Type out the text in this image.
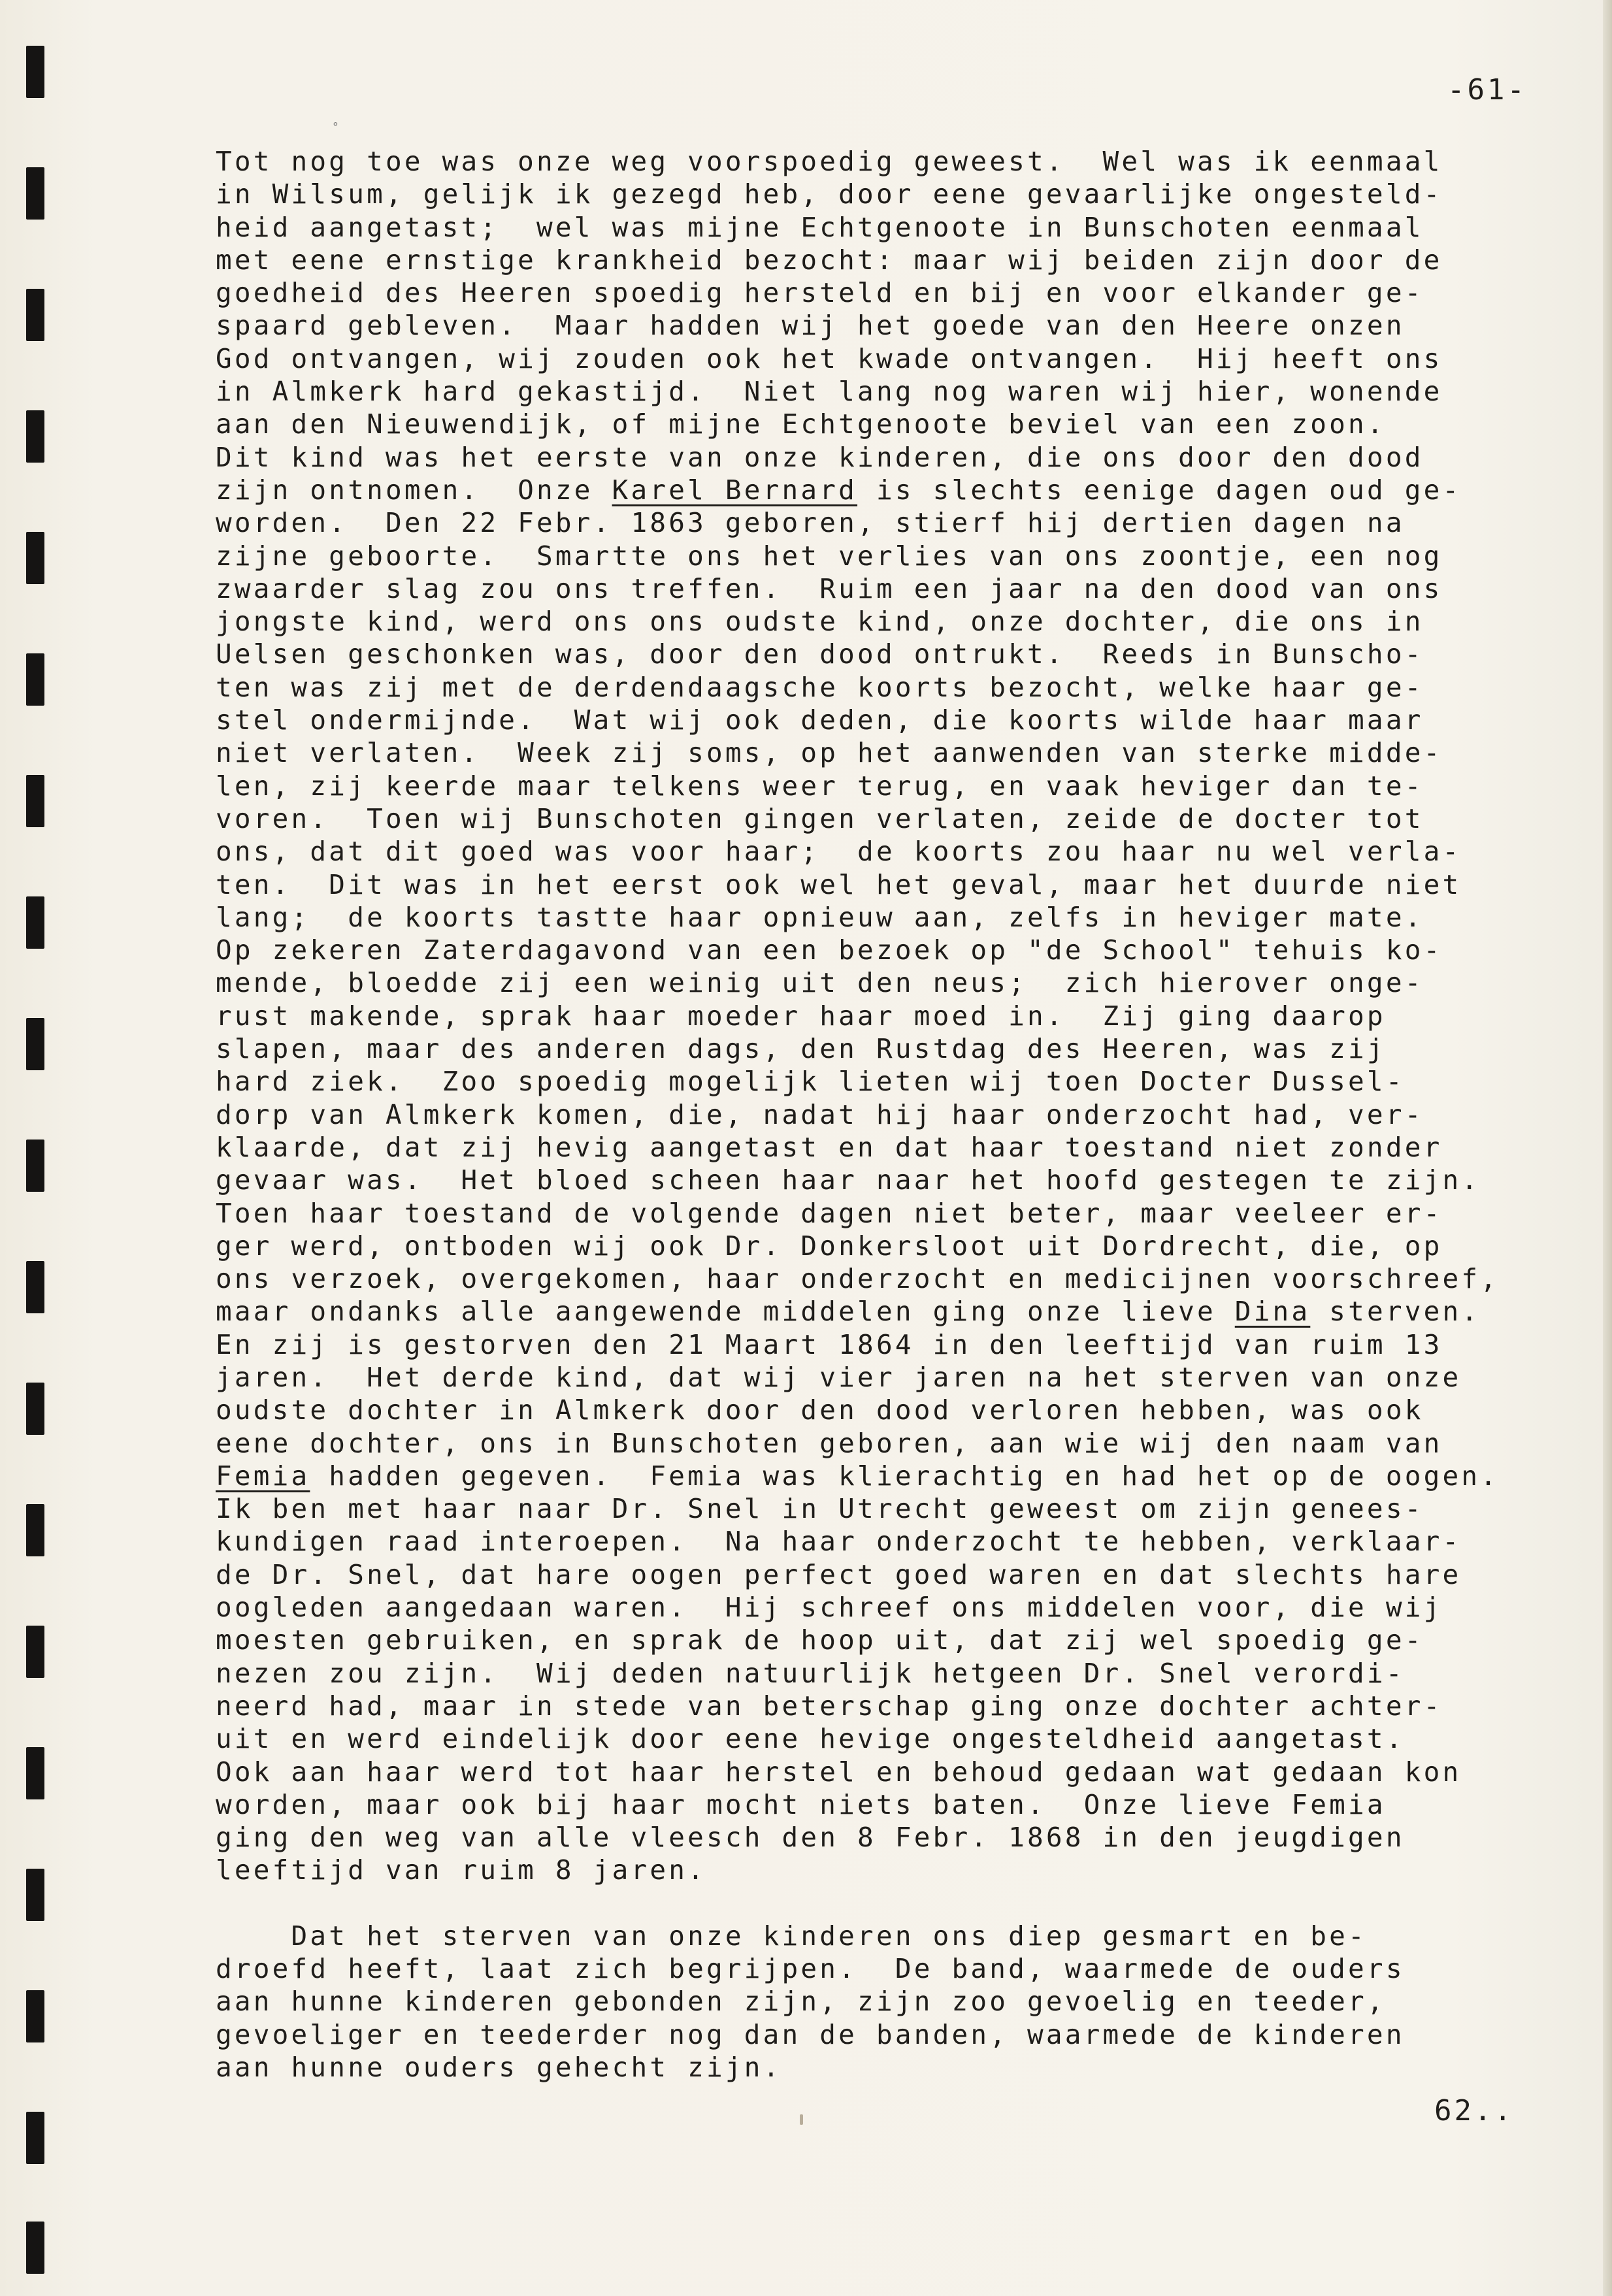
-61-
°
Tot nog toe was onze weg voorspoedig geweest.  Wel was ik eenmaal
in Wilsum, gelijk ik gezegd heb, door eene gevaarlijke ongesteld-
heid aangetast;  wel was mijne Echtgenoote in Bunschoten eenmaal
met eene ernstige krankheid bezocht: maar wij beiden zijn door de
goedheid des Heeren spoedig hersteld en bij en voor elkander ge-
spaard gebleven.  Maar hadden wij het goede van den Heere onzen
God ontvangen, wij zouden ook het kwade ontvangen.  Hij heeft ons
in Almkerk hard gekastijd.  Niet lang nog waren wij hier, wonende
aan den Nieuwendijk, of mijne Echtgenoote beviel van een zoon.
Dit kind was het eerste van onze kinderen, die ons door den dood
zijn ontnomen.  Onze Karel Bernard is slechts eenige dagen oud ge-
worden.  Den 22 Febr. 1863 geboren, stierf hij dertien dagen na
zijne geboorte.  Smartte ons het verlies van ons zoontje, een nog
zwaarder slag zou ons treffen.  Ruim een jaar na den dood van ons
jongste kind, werd ons ons oudste kind, onze dochter, die ons in
Uelsen geschonken was, door den dood ontrukt.  Reeds in Bunscho-
ten was zij met de derdendaagsche koorts bezocht, welke haar ge-
stel ondermijnde.  Wat wij ook deden, die koorts wilde haar maar
niet verlaten.  Week zij soms, op het aanwenden van sterke midde-
len, zij keerde maar telkens weer terug, en vaak heviger dan te-
voren.  Toen wij Bunschoten gingen verlaten, zeide de docter tot
ons, dat dit goed was voor haar;  de koorts zou haar nu wel verla-
ten.  Dit was in het eerst ook wel het geval, maar het duurde niet
lang;  de koorts tastte haar opnieuw aan, zelfs in heviger mate.
Op zekeren Zaterdagavond van een bezoek op "de School" tehuis ko-
mende, bloedde zij een weinig uit den neus;  zich hierover onge-
rust makende, sprak haar moeder haar moed in.  Zij ging daarop
slapen, maar des anderen dags, den Rustdag des Heeren, was zij
hard ziek.  Zoo spoedig mogelijk lieten wij toen Docter Dussel-
dorp van Almkerk komen, die, nadat hij haar onderzocht had, ver-
klaarde, dat zij hevig aangetast en dat haar toestand niet zonder
gevaar was.  Het bloed scheen haar naar het hoofd gestegen te zijn.
Toen haar toestand de volgende dagen niet beter, maar veeleer er-
ger werd, ontboden wij ook Dr. Donkersloot uit Dordrecht, die, op
ons verzoek, overgekomen, haar onderzocht en medicijnen voorschreef,
maar ondanks alle aangewende middelen ging onze lieve Dina sterven.
En zij is gestorven den 21 Maart 1864 in den leeftijd van ruim 13
jaren.  Het derde kind, dat wij vier jaren na het sterven van onze
oudste dochter in Almkerk door den dood verloren hebben, was ook
eene dochter, ons in Bunschoten geboren, aan wie wij den naam van
Femia hadden gegeven.  Femia was klierachtig en had het op de oogen.
Ik ben met haar naar Dr. Snel in Utrecht geweest om zijn genees-
kundigen raad interoepen.  Na haar onderzocht te hebben, verklaar-
de Dr. Snel, dat hare oogen perfect goed waren en dat slechts hare
oogleden aangedaan waren.  Hij schreef ons middelen voor, die wij
moesten gebruiken, en sprak de hoop uit, dat zij wel spoedig ge-
nezen zou zijn.  Wij deden natuurlijk hetgeen Dr. Snel verordi-
neerd had, maar in stede van beterschap ging onze dochter achter-
uit en werd eindelijk door eene hevige ongesteldheid aangetast.
Ook aan haar werd tot haar herstel en behoud gedaan wat gedaan kon
worden, maar ook bij haar mocht niets baten.  Onze lieve Femia
ging den weg van alle vleesch den 8 Febr. 1868 in den jeugdigen
leeftijd van ruim 8 jaren.
Dat het sterven van onze kinderen ons diep gesmart en be-
droefd heeft, laat zich begrijpen.  De band, waarmede de ouders
aan hunne kinderen gebonden zijn, zijn zoo gevoelig en teeder,
gevoeliger en teederder nog dan de banden, waarmede de kinderen
aan hunne ouders gehecht zijn.
62..
